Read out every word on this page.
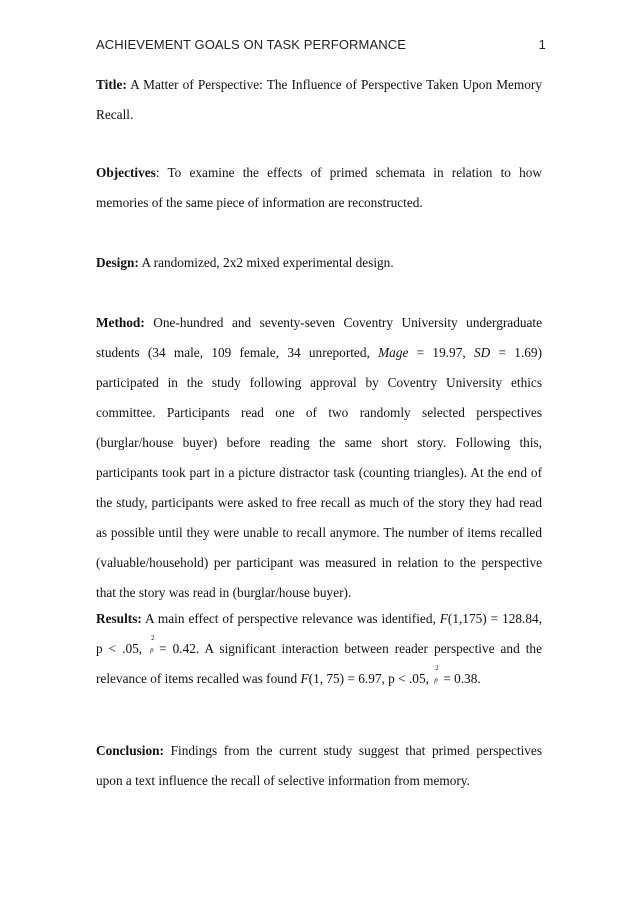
ACHIEVEMENT GOALS ON TASK PERFORMANCE	1
Title: A Matter of Perspective: The Influence of Perspective Taken Upon Memory Recall.
Objectives: To examine the effects of primed schemata in relation to how memories of the same piece of information are reconstructed.
Design: A randomized, 2x2 mixed experimental design.
Method: One-hundred and seventy-seven Coventry University undergraduate students (34 male, 109 female, 34 unreported, Mage = 19.97, SD = 1.69) participated in the study following approval by Coventry University ethics committee. Participants read one of two randomly selected perspectives (burglar/house buyer) before reading the same short story. Following this, participants took part in a picture distractor task (counting triangles). At the end of the study, participants were asked to free recall as much of the story they had read as possible until they were unable to recall anymore. The number of items recalled (valuable/household) per participant was measured in relation to the perspective that the story was read in (burglar/house buyer).
Results: A main effect of perspective relevance was identified, F(1,175) = 128.84, p < .05,
2
p = 0.42. A significant interaction between reader perspective and the relevance of items recalled was found F(1, 75) = 6.97, p < .05,
2
p = 0.38.
Conclusion: Findings from the current study suggest that primed perspectives upon a text influence the recall of selective information from memory.
